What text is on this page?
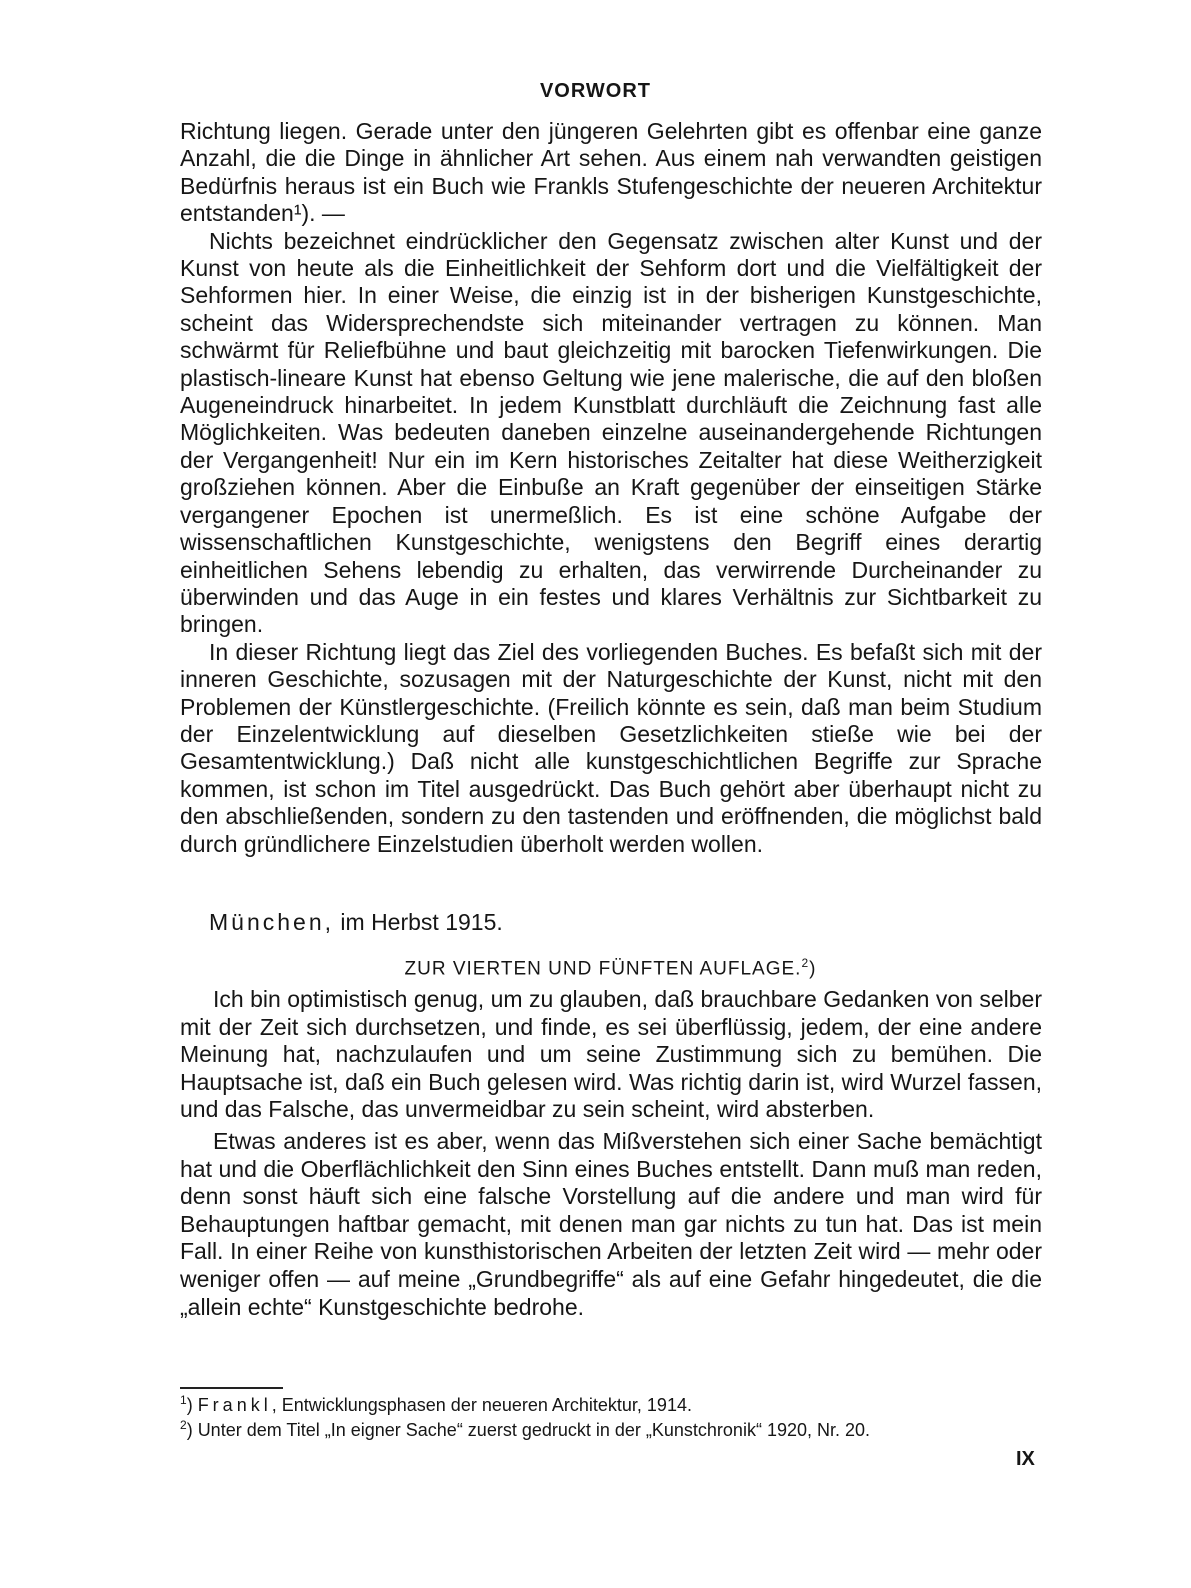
VORWORT

Richtung liegen. Gerade unter den jüngeren Gelehrten gibt es offenbar eine ganze Anzahl, die die Dinge in ähnlicher Art sehen. Aus einem nah verwandten geistigen Bedürfnis heraus ist ein Buch wie Frankls Stufengeschichte der neueren Architektur entstanden¹). —

Nichts bezeichnet eindrücklicher den Gegensatz zwischen alter Kunst und der Kunst von heute als die Einheitlichkeit der Sehform dort und die Vielfältigkeit der Sehformen hier. In einer Weise, die einzig ist in der bisherigen Kunstgeschichte, scheint das Widersprechendste sich miteinander vertragen zu können. Man schwärmt für Reliefbühne und baut gleichzeitig mit barocken Tiefenwirkungen. Die plastisch-lineare Kunst hat ebenso Geltung wie jene malerische, die auf den bloßen Augeneindruck hinarbeitet. In jedem Kunstblatt durchläuft die Zeichnung fast alle Möglichkeiten. Was bedeuten daneben einzelne auseinandergehende Richtungen der Vergangenheit! Nur ein im Kern historisches Zeitalter hat diese Weitherzigkeit großziehen können. Aber die Einbuße an Kraft gegenüber der einseitigen Stärke vergangener Epochen ist unermeßlich. Es ist eine schöne Aufgabe der wissenschaftlichen Kunstgeschichte, wenigstens den Begriff eines derartig einheitlichen Sehens lebendig zu erhalten, das verwirrende Durcheinander zu überwinden und das Auge in ein festes und klares Verhältnis zur Sichtbarkeit zu bringen.

In dieser Richtung liegt das Ziel des vorliegenden Buches. Es befaßt sich mit der inneren Geschichte, sozusagen mit der Naturgeschichte der Kunst, nicht mit den Problemen der Künstlergeschichte. (Freilich könnte es sein, daß man beim Studium der Einzelentwicklung auf dieselben Gesetzlichkeiten stieße wie bei der Gesamtentwicklung.) Daß nicht alle kunstgeschichtlichen Begriffe zur Sprache kommen, ist schon im Titel ausgedrückt. Das Buch gehört aber überhaupt nicht zu den abschließenden, sondern zu den tastenden und eröffnenden, die möglichst bald durch gründlichere Einzelstudien überholt werden wollen.

München, im Herbst 1915.
ZUR VIERTEN UND FÜNFTEN AUFLAGE.$^2$)

Ich bin optimistisch genug, um zu glauben, daß brauchbare Gedanken von selber mit der Zeit sich durchsetzen, und finde, es sei überflüssig, jedem, der eine andere Meinung hat, nachzulaufen und um seine Zustimmung sich zu bemühen. Die Hauptsache ist, daß ein Buch gelesen wird. Was richtig darin ist, wird Wurzel fassen, und das Falsche, das unvermeidbar zu sein scheint, wird absterben.

Etwas anderes ist es aber, wenn das Mißverstehen sich einer Sache bemächtigt hat und die Oberflächlichkeit den Sinn eines Buches entstellt. Dann muß man reden, denn sonst häuft sich eine falsche Vorstellung auf die andere und man wird für Behauptungen haftbar gemacht, mit denen man gar nichts zu tun hat. Das ist mein Fall. In einer Reihe von kunsthistorischen Arbeiten der letzten Zeit wird — mehr oder weniger offen — auf meine „Grundbegriffe“ als auf eine Gefahr hingedeutet, die die „allein echte“ Kunstgeschichte bedrohe.

$^1$) Frankl, Entwicklungsphasen der neueren Architektur, 1914.
$^2$) Unter dem Titel „In eigner Sache“ zuerst gedruckt in der „Kunstchronik“ 1920, Nr. 20.
IX
